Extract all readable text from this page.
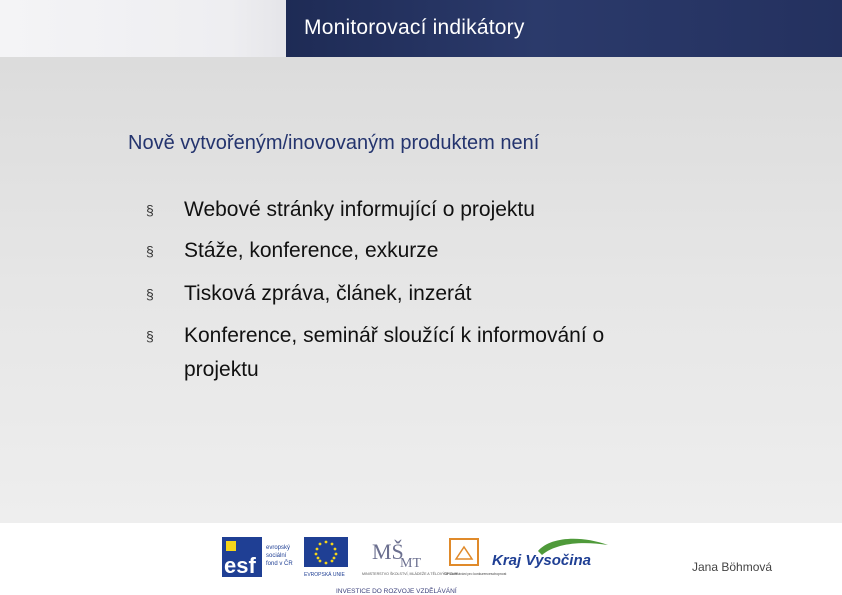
Monitorovací indikátory
Nově vytvořeným/inovovaným produktem není
§	Webové stránky informující o projektu
§	Stáže, konference, exkurze
§	Tisková zpráva, článek, inzerát
§	Konference, seminář sloužící k informování o
projektu
esf
evropský
sociální
fond v ČR
EVROPSKÁ UNIE
MŠ
MT
MINISTERSTVO ŠKOLSTVÍ, MLÁDEŽE A TĚLOVÝCHOVY
OP Vzdělávání pro konkurenceschopnost
Kraj Vysočina
INVESTICE DO ROZVOJE VZDĚLÁVÁNÍ
Jana Böhmová
